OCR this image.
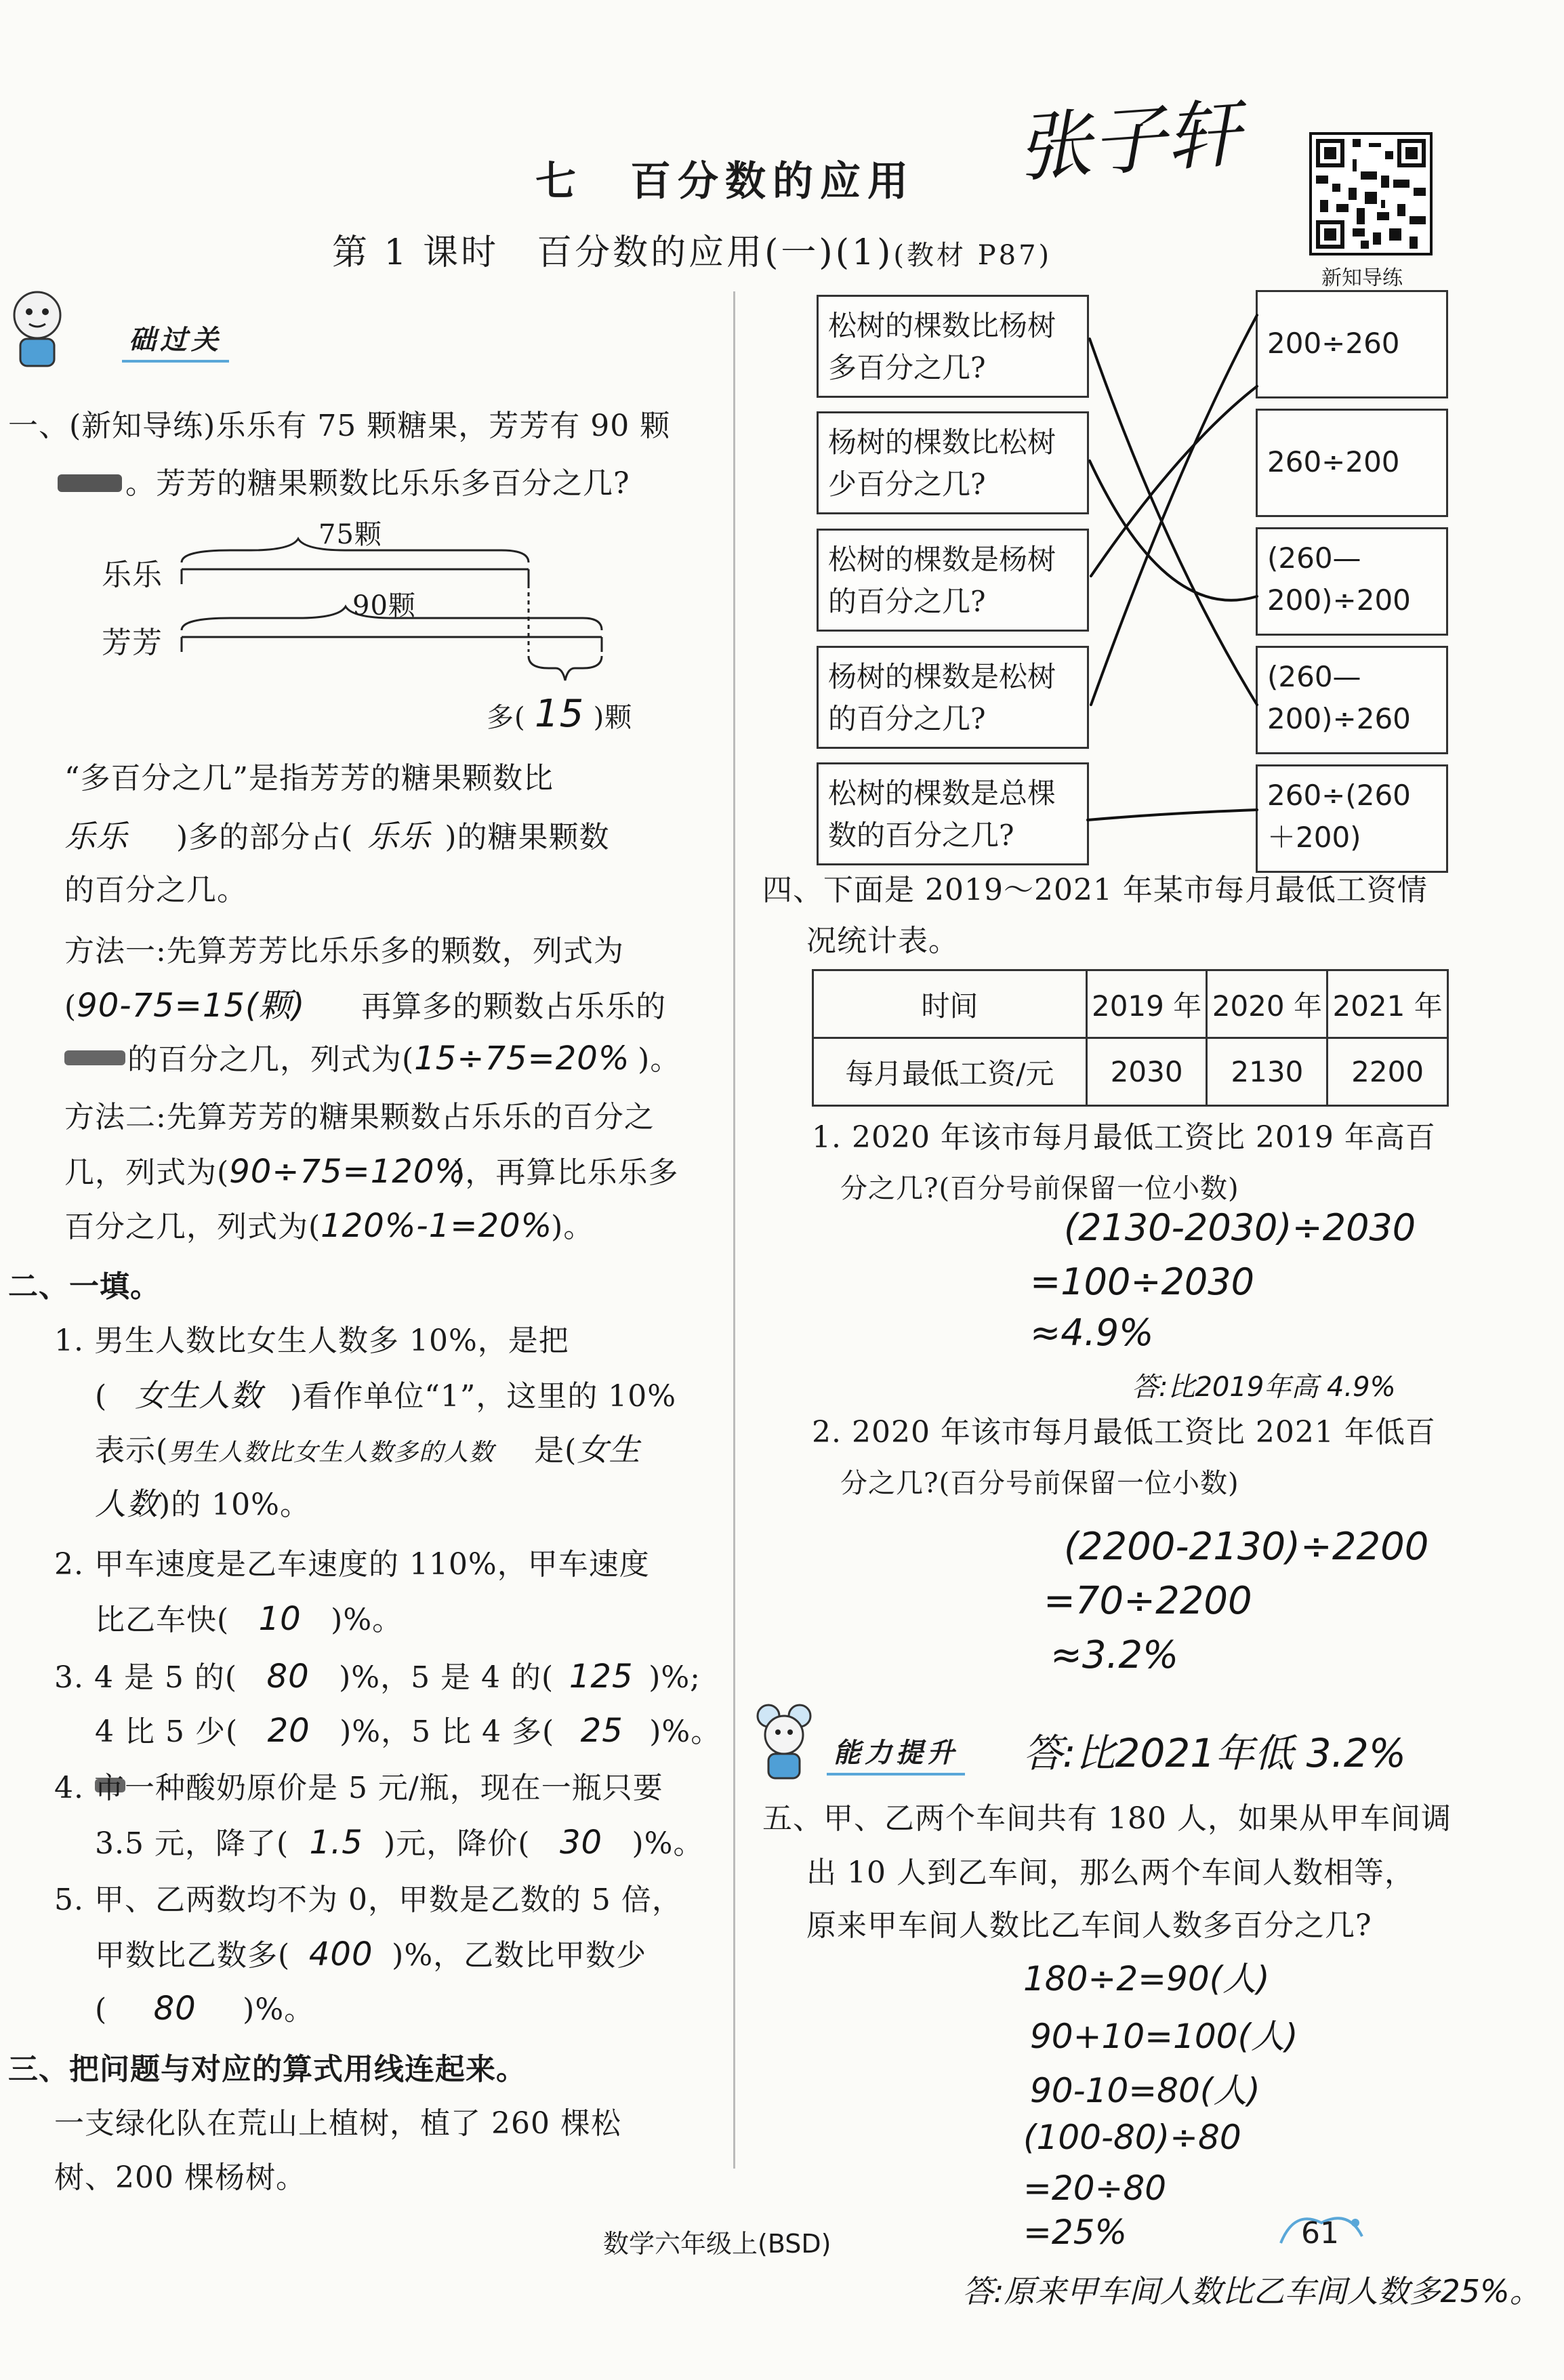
七　百分数的应用
第 1 课时　百分数的应用(一)(1)(教材 P87)
张子轩
新知导练
础过关
一、(新知导练)乐乐有 75 颗糖果，芳芳有 90 颗
。芳芳的糖果颗数比乐乐多百分之几?
乐乐
芳芳
75颗
90颗
多( 15 )颗
“多百分之几”是指芳芳的糖果颗数比
乐乐 )多的部分占( 乐乐 )的糖果颗数
的百分之几。
方法一:先算芳芳比乐乐多的颗数，列式为
(90-75=15(颗) 再算多的颗数占乐乐的
的百分之几，列式为(15÷75=20% )。
方法二:先算芳芳的糖果颗数占乐乐的百分之
几，列式为(90÷75=120%)，再算比乐乐多
百分之几，列式为(120%-1=20%)。
二、一填。
1. 男生人数比女生人数多 10%，是把
( 女生人数 )看作单位“1”，这里的 10%
表示(男生人数比女生人数多的人数 是(女生
人数)的 10%。
2. 甲车速度是乙车速度的 110%，甲车速度
比乙车快( 10 )%。
3. 4 是 5 的( 80 )%，5 是 4 的( 125 )%;
4 比 5 少( 20 )%，5 比 4 多( 25 )%。
4. 市一种酸奶原价是 5 元/瓶，现在一瓶只要
3.5 元，降了( 1.5 )元，降价( 30 )%。
5. 甲、乙两数均不为 0，甲数是乙数的 5 倍，
甲数比乙数多( 400 )%，乙数比甲数少
( 80 )%。
三、把问题与对应的算式用线连起来。
一支绿化队在荒山上植树，植了 260 棵松
树、200 棵杨树。
松树的棵数比杨树多百分之几?
杨树的棵数比松树少百分之几?
松树的棵数是杨树的百分之几?
杨树的棵数是松树的百分之几?
松树的棵数是总棵数的百分之几?
200÷260
260÷200
(260—200)÷200
(260—200)÷260
260÷(260＋200)
四、下面是 2019～2021 年某市每月最低工资情
况统计表。
时间	2019 年	2020 年	2021 年
每月最低工资/元	2030	2130	2200
1. 2020 年该市每月最低工资比 2019 年高百
分之几?(百分号前保留一位小数)
(2130-2030)÷2030
=100÷2030
≈4.9%
答:比2019年高 4.9%
2. 2020 年该市每月最低工资比 2021 年低百
分之几?(百分号前保留一位小数)
(2200-2130)÷2200
=70÷2200
≈3.2%
能力提升 答:比2021年低 3.2%
五、甲、乙两个车间共有 180 人，如果从甲车间调
出 10 人到乙车间，那么两个车间人数相等，
原来甲车间人数比乙车间人数多百分之几?
180÷2=90(人)
90+10=100(人)
90-10=80(人)
(100-80)÷80
=20÷80
=25%
答:原来甲车间人数比乙车间人数多25%。
数学六年级上(BSD)	61
